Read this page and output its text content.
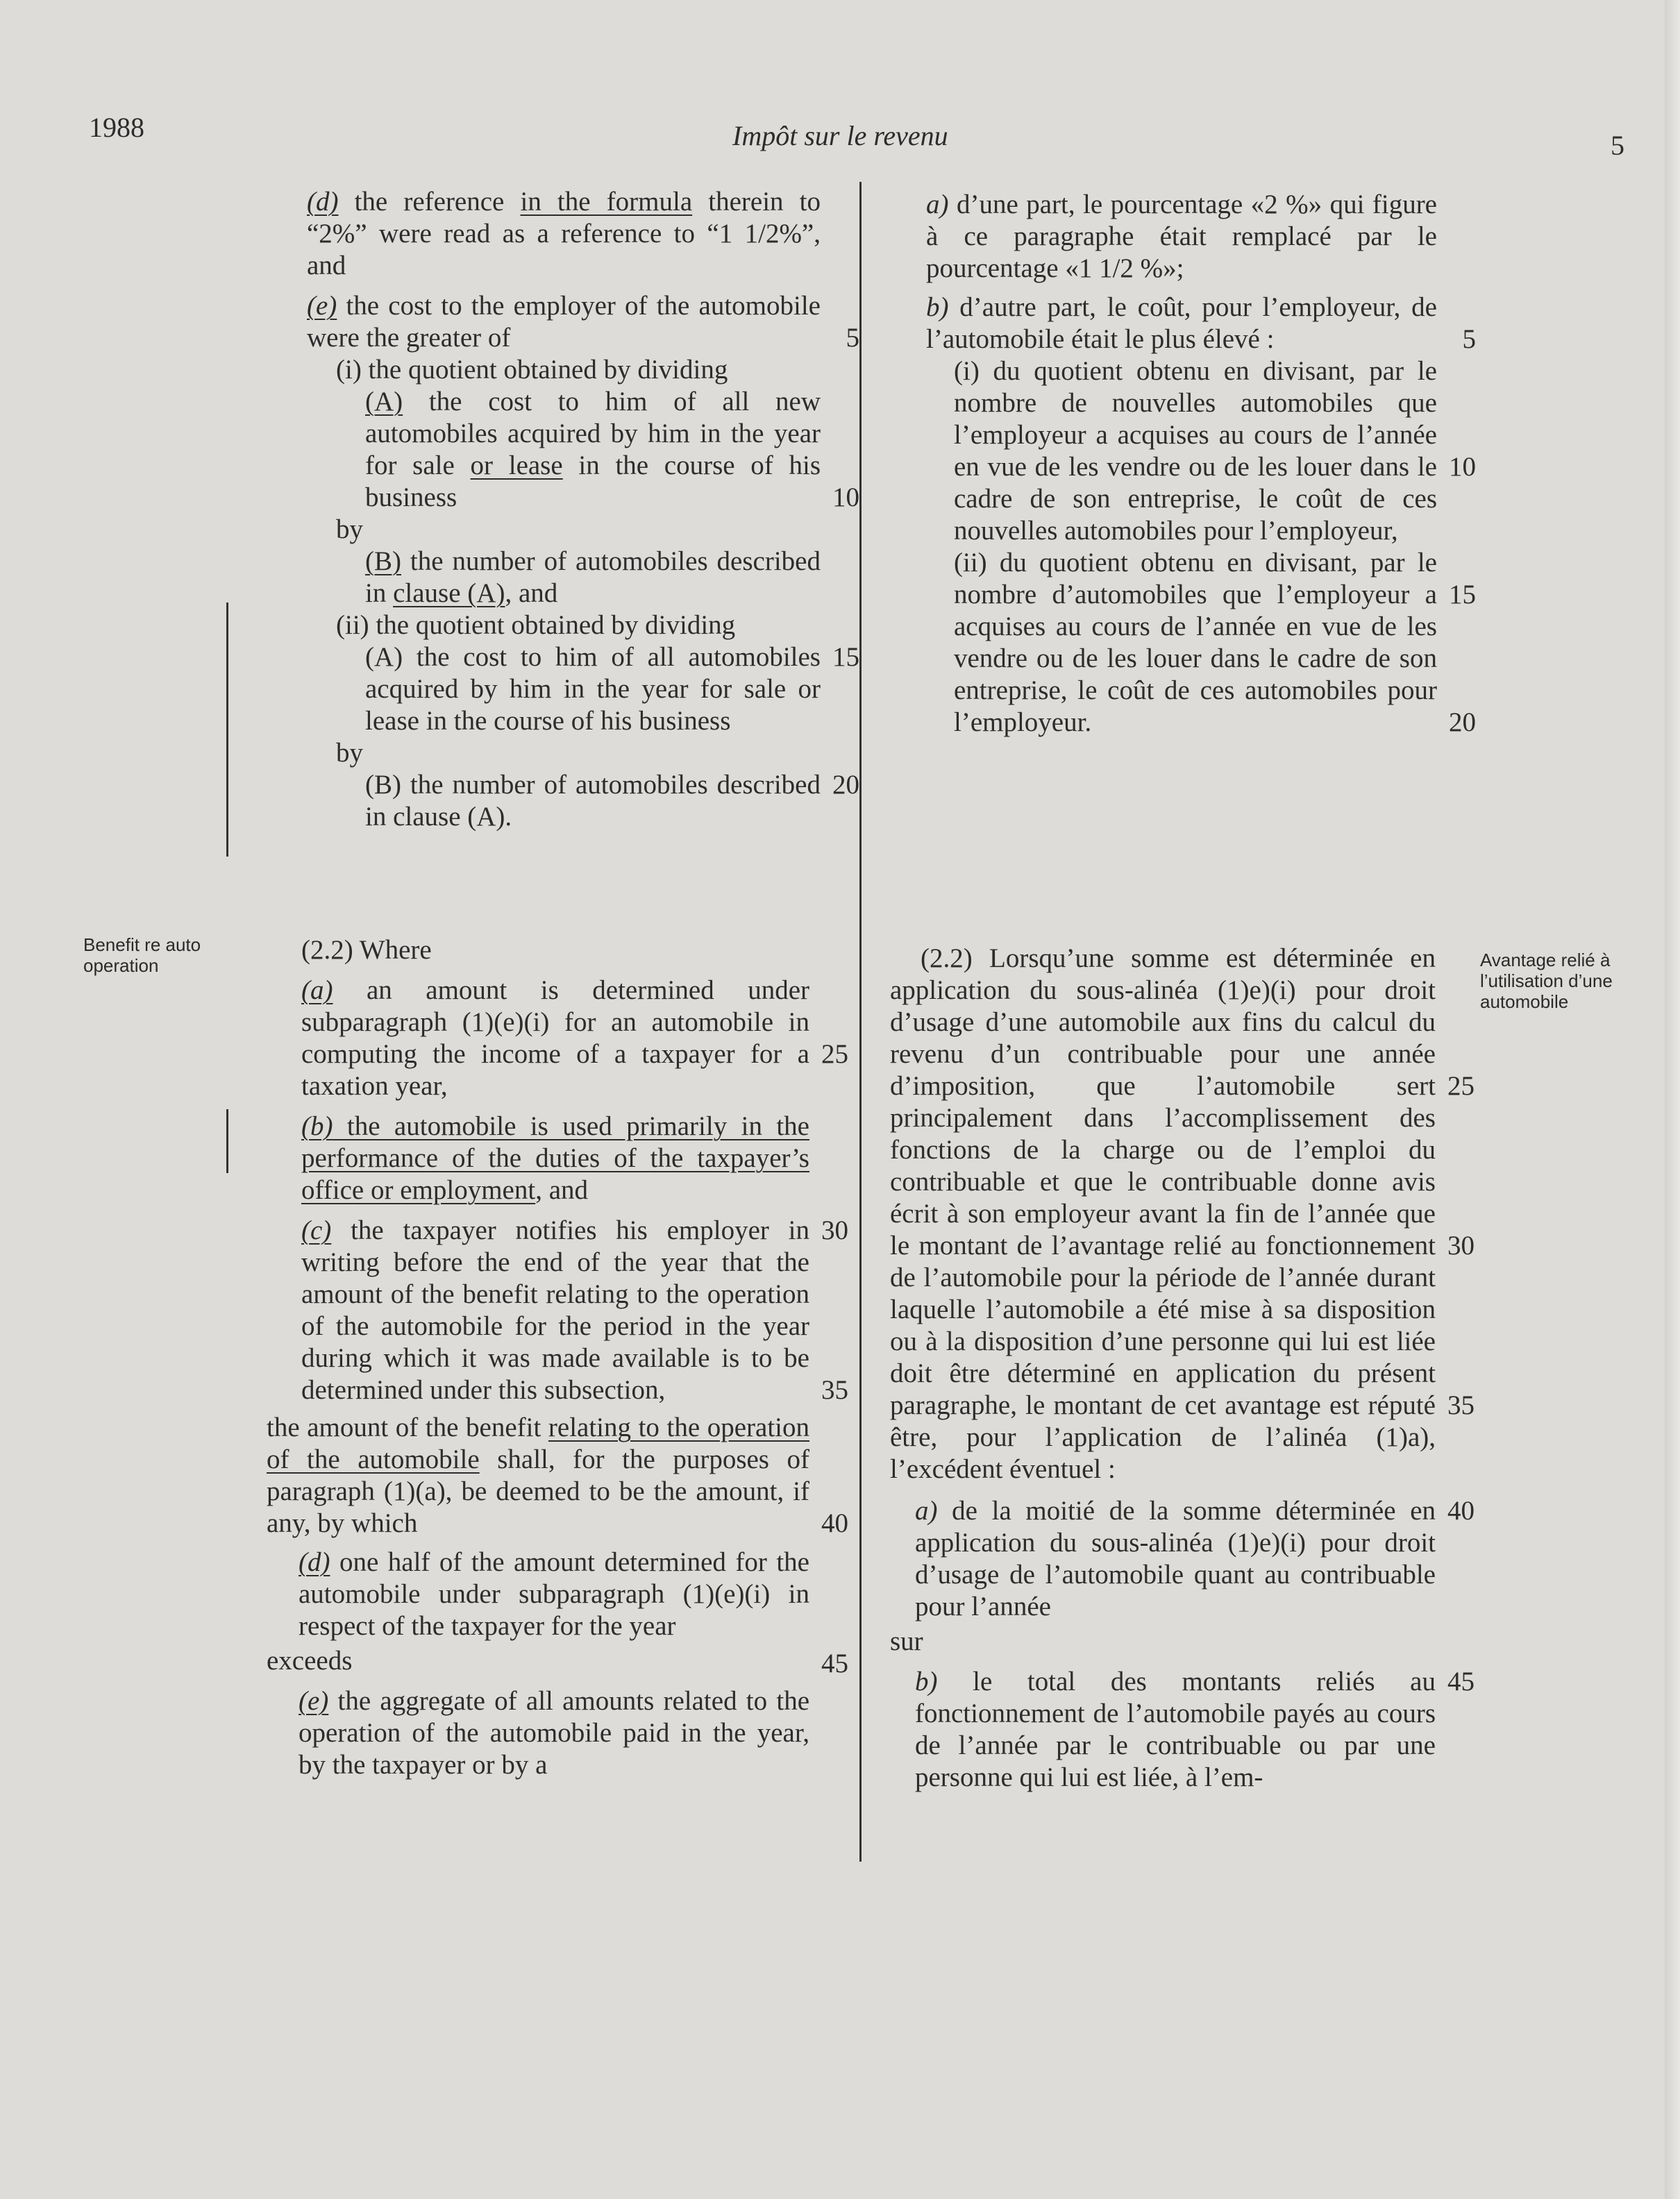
1988	Impôt sur le revenu	5

(d) the reference in the formula therein to “2%” were read as a reference to “1 1/2%”, and

(e) the cost to the employer of the automobile were the greater of	5

(i) the quotient obtained by dividing

(A) the cost to him of all new automobiles acquired by him in the year for sale or lease in the course of his business	10

by

(B) the number of automobiles described in clause (A), and

(ii) the quotient obtained by dividing

(A) the cost to him of all automobiles acquired by him in the year for sale or lease in the course of his business
15

by

(B) the number of automobiles described in clause (A).
20

a) d’une part, le pourcentage «2 %» qui figure à ce paragraphe était remplacé par le pourcentage «1 1/2 %»;

b) d’autre part, le coût, pour l’employeur, de l’automobile était le plus élevé :	5

(i) du quotient obtenu en divisant, par le nombre de nouvelles automobiles que l’employeur a acquises au cours de l’année en vue de les vendre ou de les louer dans le cadre de son entreprise, le coût de ces nouvelles automobiles pour l’employeur,
10

(ii) du quotient obtenu en divisant, par le nombre d’automobiles que l’employeur a acquises au cours de l’année en vue de les vendre ou de les louer dans le cadre de son entreprise, le coût de ces automobiles pour l’employeur.
15
20

Benefit re auto operation	Avantage relié à l’utilisation d’une automobile

(2.2) Where

(a) an amount is determined under subparagraph (1)(e)(i) for an automobile in computing the income of a taxpayer for a taxation year,
25

(b) the automobile is used primarily in the performance of the duties of the taxpayer’s office or employment, and

(c) the taxpayer notifies his employer in writing before the end of the year that the amount of the benefit relating to the operation of the automobile for the period in the year during which it was made available is to be determined under this subsection,
30
35

the amount of the benefit relating to the operation of the automobile shall, for the purposes of paragraph (1)(a), be deemed to be the amount, if any, by which	40

(d) one half of the amount determined for the automobile under subparagraph (1)(e)(i) in respect of the taxpayer for the year

exceeds	45

(e) the aggregate of all amounts related to the operation of the automobile paid in the year, by the taxpayer or by a

(2.2) Lorsqu’une somme est déterminée en application du sous-alinéa (1)e)(i) pour droit d’usage d’une automobile aux fins du calcul du revenu d’un contribuable pour une année d’imposition, que l’automobile sert principalement dans l’accomplissement des fonctions de la charge ou de l’emploi du contribuable et que le contribuable donne avis écrit à son employeur avant la fin de l’année que le montant de l’avantage relié au fonctionnement de l’automobile pour la période de l’année durant laquelle l’automobile a été mise à sa disposition ou à la disposition d’une personne qui lui est liée doit être déterminé en application du présent paragraphe, le montant de cet avantage est réputé être, pour l’application de l’alinéa (1)a), l’excédent éventuel :
25
30
35

a) de la moitié de la somme déterminée en application du sous-alinéa (1)e)(i) pour droit d’usage de l’automobile quant au contribuable pour l’année
40

sur

b) le total des montants reliés au fonctionnement de l’automobile payés au cours de l’année par le contribuable ou par une personne qui lui est liée, à l’em-
45
